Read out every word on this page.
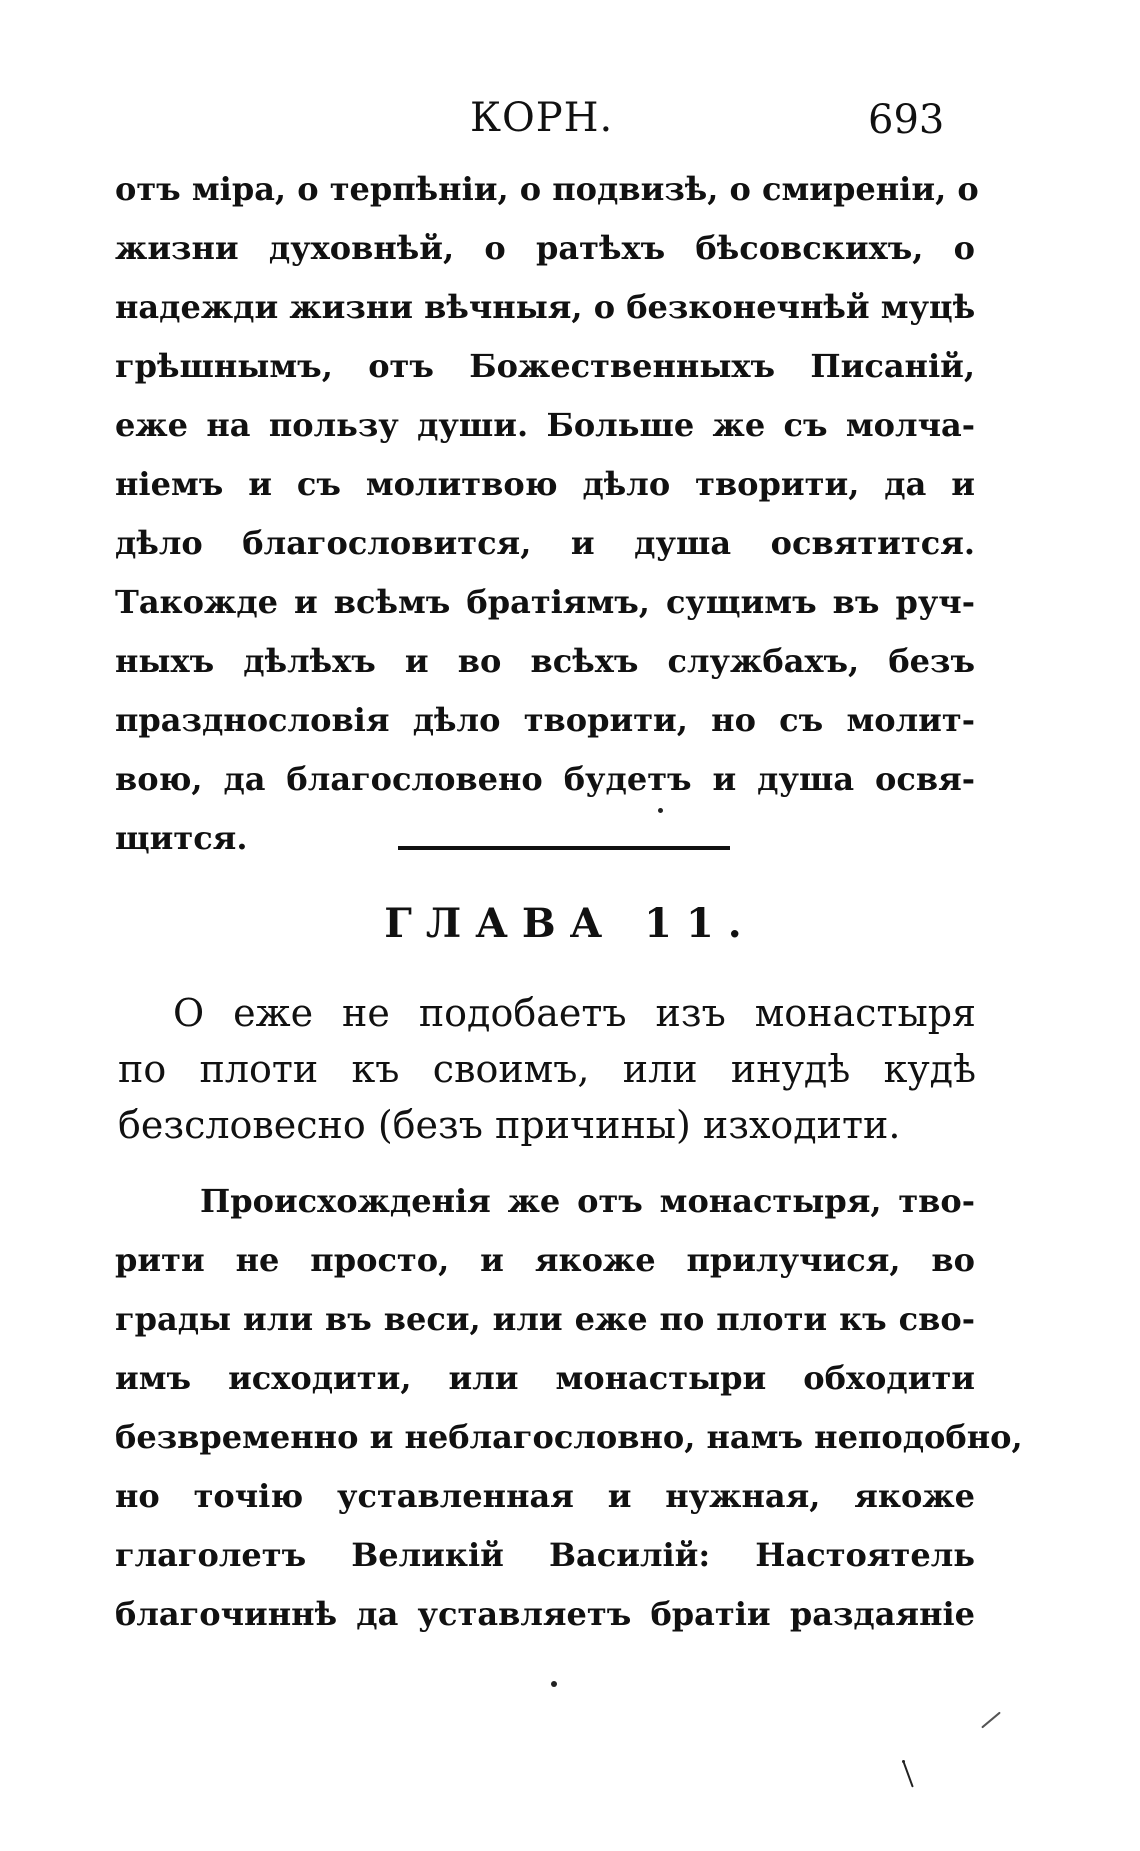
КОРН.	693
отъ міра, о терпѣніи, о подвизѣ, о смиреніи, о
жизни духовнѣй, о ратѣхъ бѣсовскихъ, о
надежди жизни вѣчныя, о безконечнѣй муцѣ
грѣшнымъ, отъ Божественныхъ Писаній,
еже на пользу души. Больше же съ молча-
ніемъ и съ молитвою дѣло творити, да и
дѣло благословится, и душа освятится.
Такожде и всѣмъ братіямъ, сущимъ въ руч-
ныхъ дѣлѣхъ и во всѣхъ службахъ, безъ
празднословія дѣло творити, но съ молит-
вою, да благословено будетъ и душа освя-
щится.
ГЛАВА 11.
О еже не подобаетъ изъ монастыря
по плоти къ своимъ, или инудѣ кудѣ
безсловесно (безъ причины) изходити.
Происхожденія же отъ монастыря, тво-
рити не просто, и якоже прилучися, во
грады или въ веси, или еже по плоти къ сво-
имъ исходити, или монастыри обходити
безвременно и неблагословно, намъ неподобно,
но точію уставленная и нужная, якоже
глаголетъ Великій Василій: Настоятель
благочиннѣ да уставляетъ братіи раздаяніе
